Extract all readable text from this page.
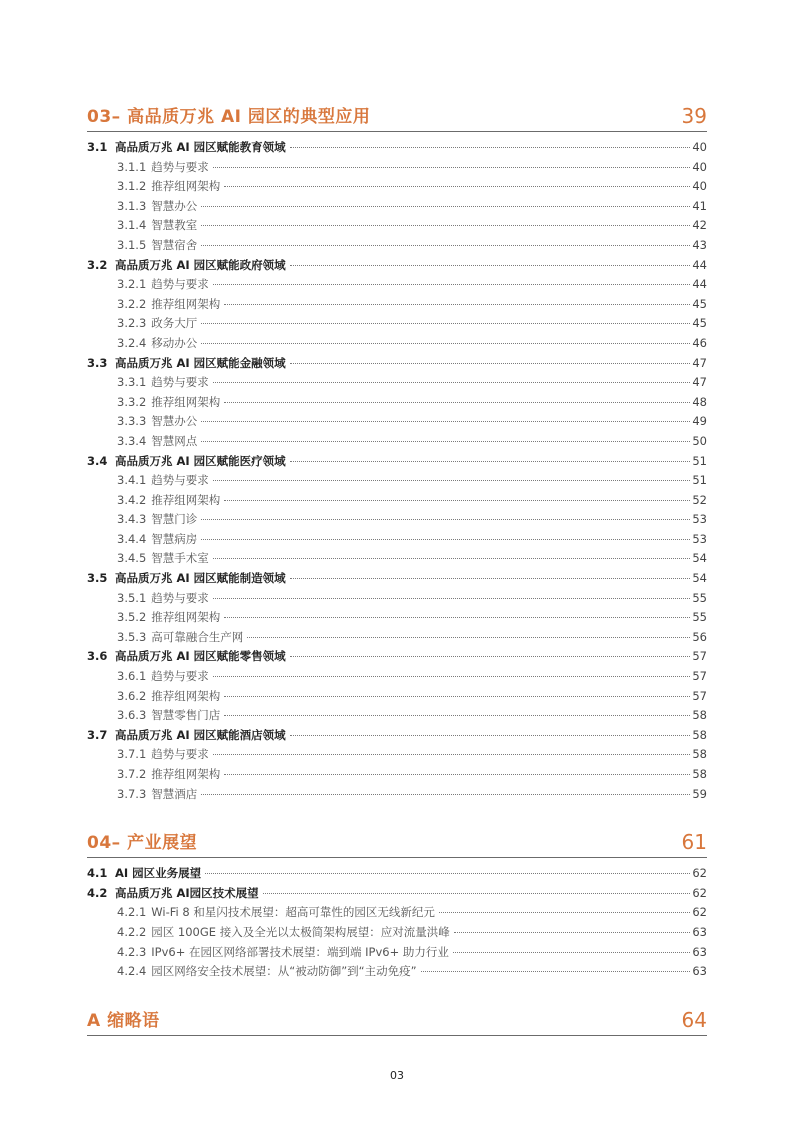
03– 高品质万兆 AI 园区的典型应用	39
3.1 高品质万兆 AI 园区赋能教育领域	40
3.1.1 趋势与要求	40
3.1.2 推荐组网架构	40
3.1.3 智慧办公	41
3.1.4 智慧教室	42
3.1.5 智慧宿舍	43
3.2 高品质万兆 AI 园区赋能政府领域	44
3.2.1 趋势与要求	44
3.2.2 推荐组网架构	45
3.2.3 政务大厅	45
3.2.4 移动办公	46
3.3 高品质万兆 AI 园区赋能金融领域	47
3.3.1 趋势与要求	47
3.3.2 推荐组网架构	48
3.3.3 智慧办公	49
3.3.4 智慧网点	50
3.4 高品质万兆 AI 园区赋能医疗领域	51
3.4.1 趋势与要求	51
3.4.2 推荐组网架构	52
3.4.3 智慧门诊	53
3.4.4 智慧病房	53
3.4.5 智慧手术室	54
3.5 高品质万兆 AI 园区赋能制造领域	54
3.5.1 趋势与要求	55
3.5.2 推荐组网架构	55
3.5.3 高可靠融合生产网	56
3.6 高品质万兆 AI 园区赋能零售领域	57
3.6.1 趋势与要求	57
3.6.2 推荐组网架构	57
3.6.3 智慧零售门店	58
3.7 高品质万兆 AI 园区赋能酒店领域	58
3.7.1 趋势与要求	58
3.7.2 推荐组网架构	58
3.7.3 智慧酒店	59
04– 产业展望	61
4.1 AI 园区业务展望	62
4.2 高品质万兆 AI园区技术展望	62
4.2.1 Wi-Fi 8 和星闪技术展望：超高可靠性的园区无线新纪元	62
4.2.2 园区 100GE 接入及全光以太极简架构展望：应对流量洪峰	63
4.2.3 IPv6+ 在园区网络部署技术展望：端到端 IPv6+ 助力行业	63
4.2.4 园区网络安全技术展望：从“被动防御”到“主动免疫”	63
A 缩略语	64
03
